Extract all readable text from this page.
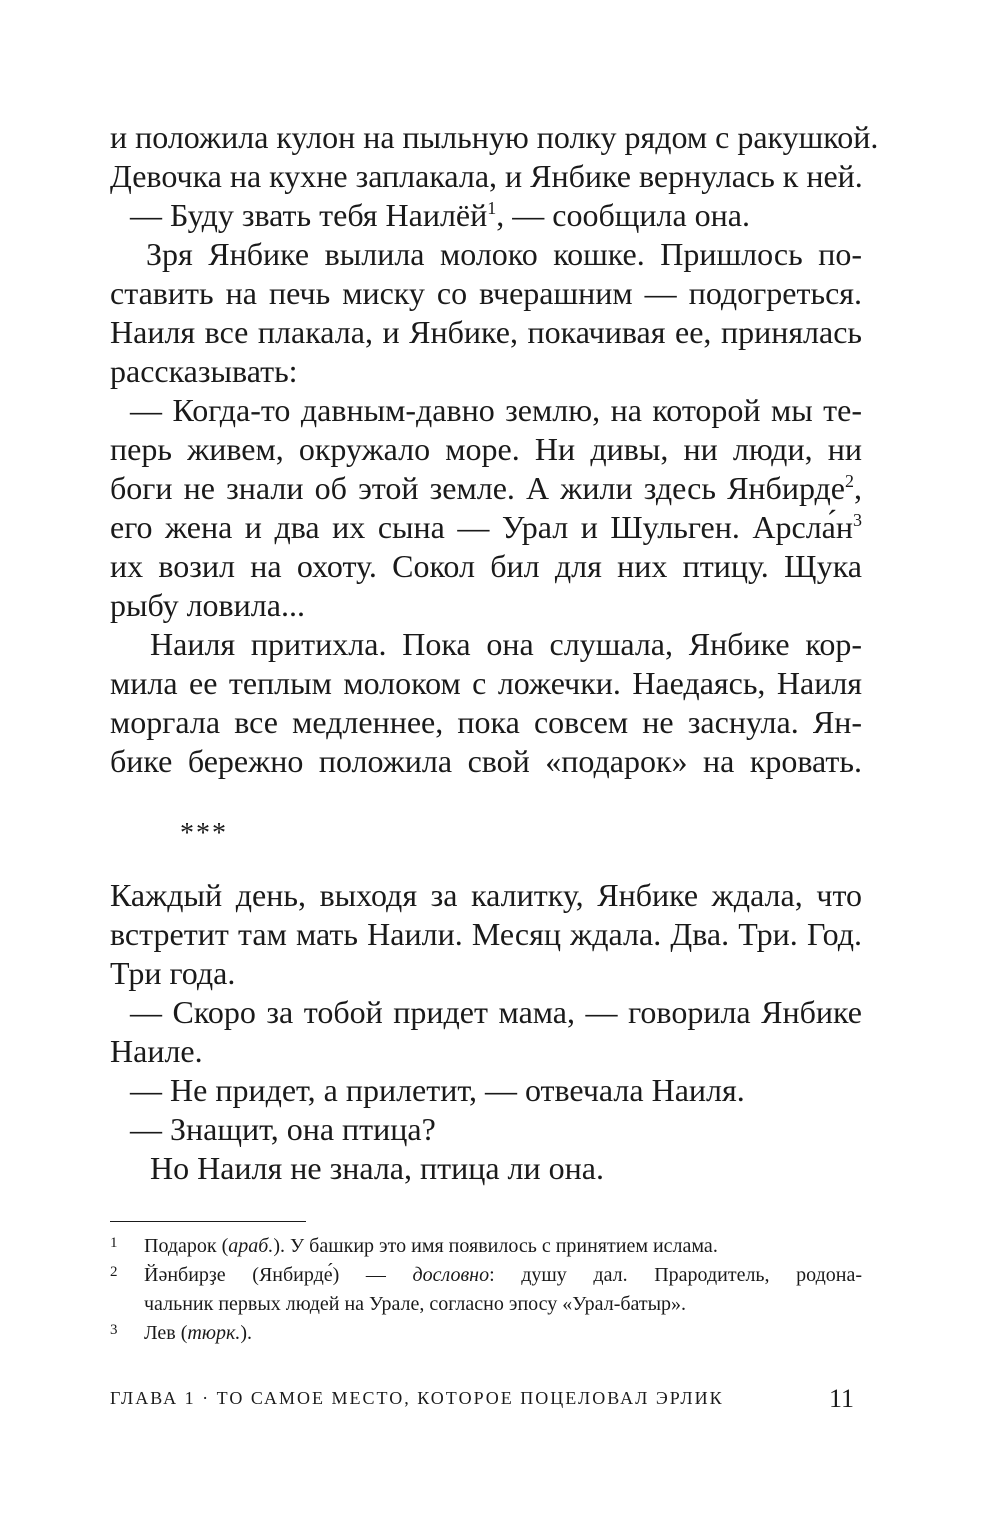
и положила кулон на пыльную полку рядом с ракушкой.
Девочка на кухне заплакала, и Янбике вернулась к ней.
— Буду звать тебя Наилёй$^1$, — сообщила она.
Зря Янбике вылила молоко кошке. Пришлось по-
ставить на печь миску со вчерашним — подогреться.
Наиля все плакала, и Янбике, покачивая ее, принялась
рассказывать:
— Когда-то давным-давно землю, на которой мы те-
перь живем, окружало море. Ни дивы, ни люди, ни
боги не знали об этой земле. А жили здесь Янбирде$^2$,
его жена и два их сына — Урал и Шульген. $Арсла́н^3$
их возил на охоту. Сокол бил для них птицу. Щука
рыбу ловила...
Наиля притихла. Пока она слушала, Янбике кор-
мила ее теплым молоком с ложечки. Наедаясь, Наиля
моргала все медленнее, пока совсем не заснула. Ян-
бике бережно положила свой «подарок» на кровать.
***
Каждый день, выходя за калитку, Янбике ждала, что
встретит там мать Наили. Месяц ждала. Два. Три. Год.
Три года.
— Скоро за тобой придет мама, — говорила Янбике
Наиле.
— Не придет, а прилетит, — отвечала Наиля.
— Знащит, она птица?
Но Наиля не знала, птица ли она.
1 Подарок (араб.). У башкир это имя появилось с принятием ислама.
2 Йәнбирҙе (Янбирде́) — дословно: душу дал. Прародитель, родона-
чальник первых людей на Урале, согласно эпосу «Урал-батыр».
3 Лев (тюрк.).
ГЛАВА 1 · ТО САМОЕ МЕСТО, КОТОРОЕ ПОЦЕЛОВАЛ ЭРЛИК	11
